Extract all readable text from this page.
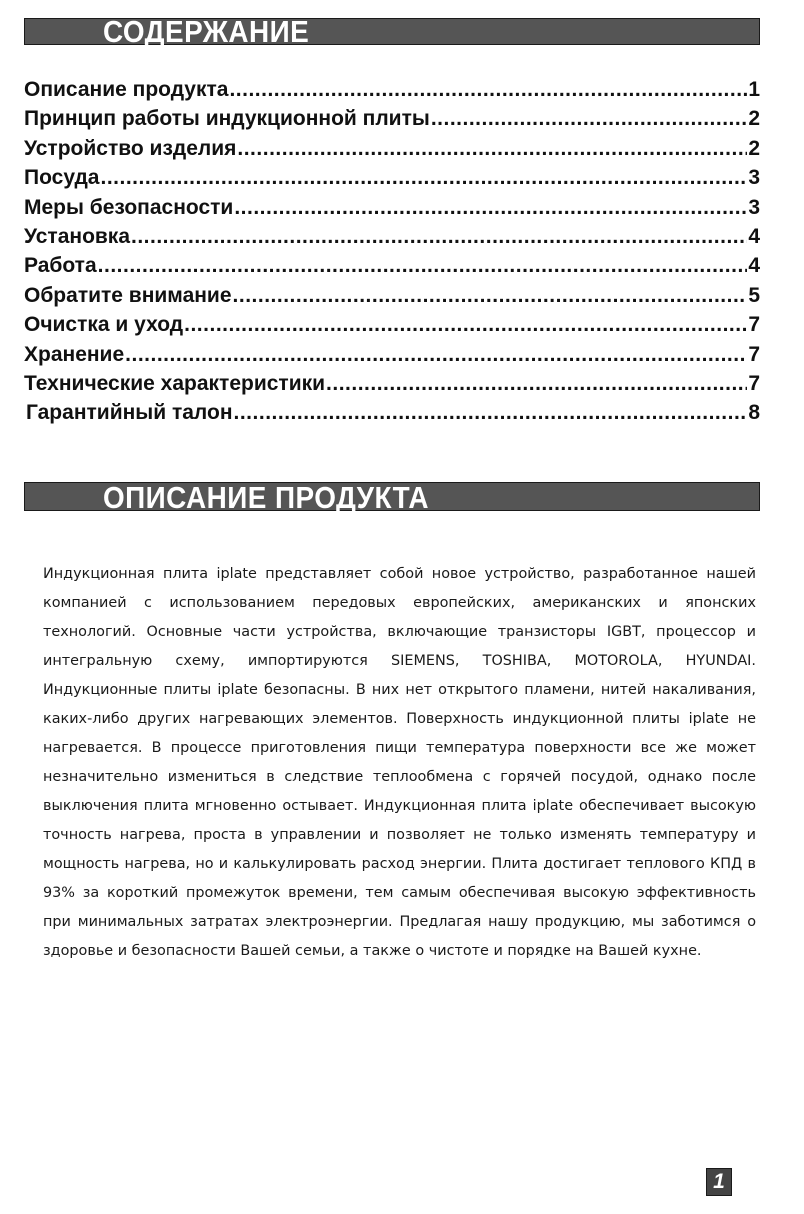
СОДЕРЖАНИЕ
Описание продукта .....	1
Принцип работы индукционной плиты .....	2
Устройство изделия .....	2
Посуда .....	3
Меры безопасности .....	3
Установка .....	4
Работа .....	4
Обратите внимание .....	5
Очистка и уход .....	7
Хранение .....	7
Технические характеристики .....	7
Гарантийный талон .....	8
ОПИСАНИЕ ПРОДУКТА

Индукционная плита iplate представляет собой новое устройство, разработанное нашей компанией с использованием передовых европейских, американских и японских технологий. Основные части устройства, включающие транзисторы IGBT, процессор и интегральную схему, импортируются SIEMENS, TOSHIBA, MOTOROLA, HYUNDAI. Индукционные плиты iplate безопасны. В них нет открытого пламени, нитей накаливания, каких-либо других нагревающих элементов. Поверхность индукционной плиты iplate не нагревается. В процессе приготовления пищи температура поверхности все же может незначительно измениться в следствие теплообмена с горячей посудой, однако после выключения плита мгновенно остывает. Индукционная плита iplate обеспечивает высокую точность нагрева, проста в управлении и позволяет не только изменять температуру и мощность нагрева, но и калькулировать расход энергии. Плита достигает теплового КПД в 93% за короткий промежуток времени, тем самым обеспечивая высокую эффективность при минимальных затратах электроэнергии. Предлагая нашу продукцию, мы заботимся о здоровье и безопасности Вашей семьи, а также о чистоте и порядке на Вашей кухне.

1
